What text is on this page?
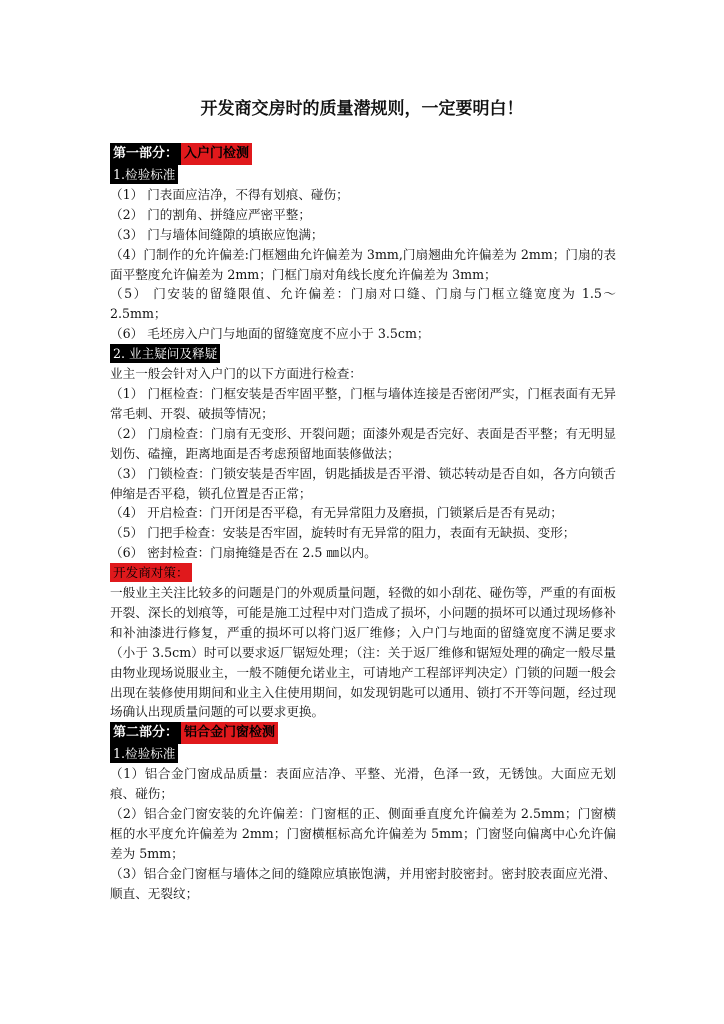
开发商交房时的质量潜规则，一定要明白！
第一部分： 入户门检测
1.检验标准
（1） 门表面应洁净，不得有划痕、碰伤；
（2） 门的割角、拼缝应严密平整；
（3） 门与墙体间缝隙的填嵌应饱满；
（4）门制作的允许偏差:门框翘曲允许偏差为 3mm,门扇翘曲允许偏差为 2mm；门扇的表面平整度允许偏差为 2mm；门框门扇对角线长度允许偏差为 3mm；
（5） 门安装的留缝限值、允许偏差：门扇对口缝、门扇与门框立缝宽度为 1.5～2.5mm；
（6） 毛坯房入户门与地面的留缝宽度不应小于 3.5cm；
2. 业主疑问及释疑
业主一般会针对入户门的以下方面进行检查：
（1） 门框检查：门框安装是否牢固平整，门框与墙体连接是否密闭严实，门框表面有无异常毛刺、开裂、破损等情况；
（2） 门扇检查：门扇有无变形、开裂问题；面漆外观是否完好、表面是否平整；有无明显划伤、磕撞，距离地面是否考虑预留地面装修做法；
（3） 门锁检查：门锁安装是否牢固，钥匙插拔是否平滑、锁芯转动是否自如，各方向锁舌伸缩是否平稳，锁孔位置是否正常；
（4） 开启检查：门开闭是否平稳，有无异常阻力及磨损，门锁紧后是否有晃动；
（5） 门把手检查：安装是否牢固，旋转时有无异常的阻力，表面有无缺损、变形；
（6） 密封检查：门扇掩缝是否在 2.5 ㎜以内。
开发商对策：
一般业主关注比较多的问题是门的外观质量问题，轻微的如小刮花、碰伤等，严重的有面板开裂、深长的划痕等，可能是施工过程中对门造成了损坏，小问题的损坏可以通过现场修补和补油漆进行修复，严重的损坏可以将门返厂维修；入户门与地面的留缝宽度不满足要求（小于 3.5cm）时可以要求返厂锯短处理；（注：关于返厂维修和锯短处理的确定一般尽量由物业现场说服业主，一般不随便允诺业主，可请地产工程部评判决定）门锁的问题一般会出现在装修使用期间和业主入住使用期间，如发现钥匙可以通用、锁打不开等问题，经过现场确认出现质量问题的可以要求更换。
第二部分： 铝合金门窗检测
1.检验标准
（1）铝合金门窗成品质量：表面应洁净、平整、光滑，色泽一致，无锈蚀。大面应无划痕、碰伤；
（2）铝合金门窗安装的允许偏差：门窗框的正、侧面垂直度允许偏差为 2.5mm；门窗横框的水平度允许偏差为 2mm；门窗横框标高允许偏差为 5mm；门窗竖向偏离中心允许偏差为 5mm；
（3）铝合金门窗框与墙体之间的缝隙应填嵌饱满，并用密封胶密封。密封胶表面应光滑、顺直、无裂纹；
